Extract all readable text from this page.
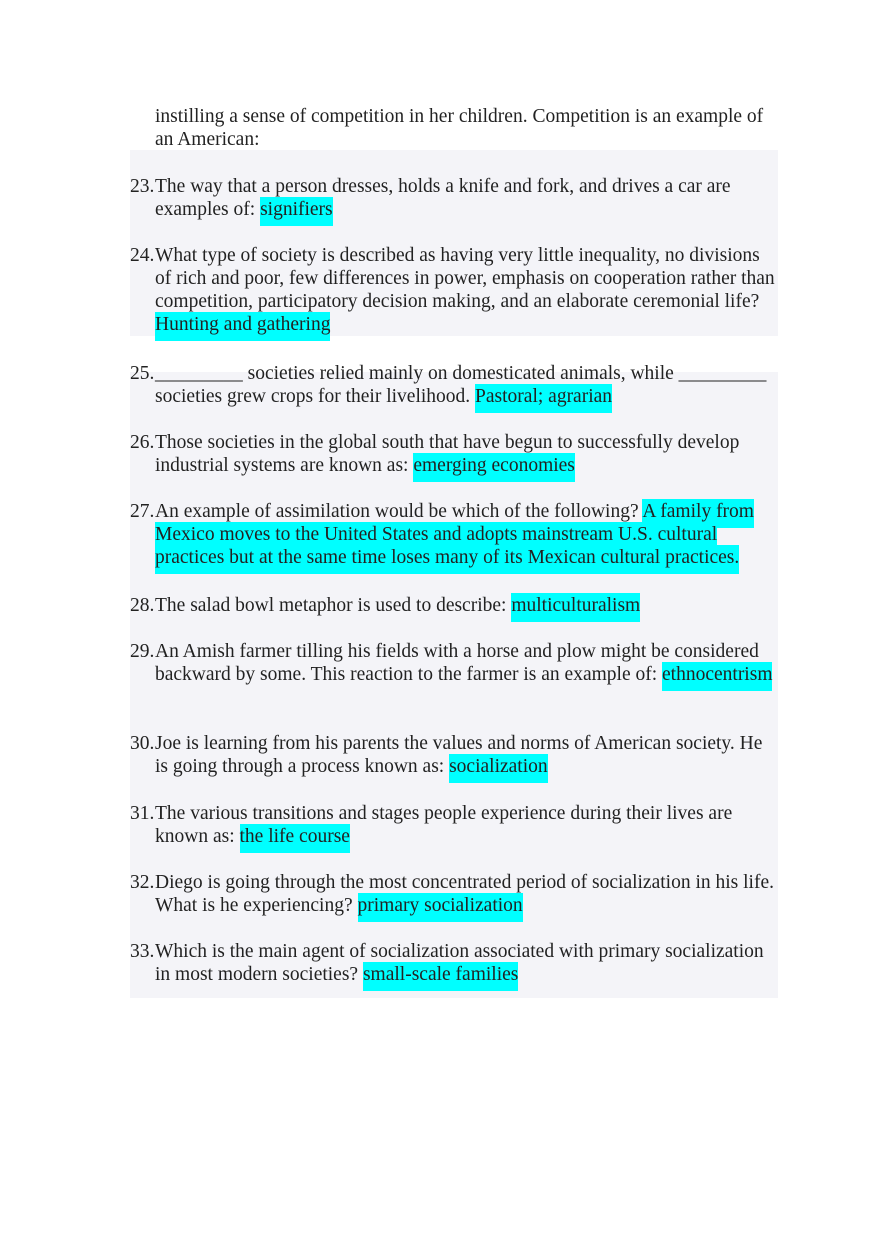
instilling a sense of competition in her children. Competition is an example of an American:

23. The way that a person dresses, holds a knife and fork, and drives a car are examples of: signifiers
24. What type of society is described as having very little inequality, no divisions of rich and poor, few differences in power, emphasis on cooperation rather than competition, participatory decision making, and an elaborate ceremonial life? Hunting and gathering
25. _________ societies relied mainly on domesticated animals, while _________ societies grew crops for their livelihood. Pastoral; agrarian
26. Those societies in the global south that have begun to successfully develop industrial systems are known as: emerging economies
27. An example of assimilation would be which of the following? A family from Mexico moves to the United States and adopts mainstream U.S. cultural practices but at the same time loses many of its Mexican cultural practices.
28. The salad bowl metaphor is used to describe: multiculturalism
29. An Amish farmer tilling his fields with a horse and plow might be considered backward by some. This reaction to the farmer is an example of: ethnocentrism
30. Joe is learning from his parents the values and norms of American society. He is going through a process known as: socialization
31. The various transitions and stages people experience during their lives are known as: the life course
32. Diego is going through the most concentrated period of socialization in his life. What is he experiencing? primary socialization
33. Which is the main agent of socialization associated with primary socialization in most modern societies? small-scale families
